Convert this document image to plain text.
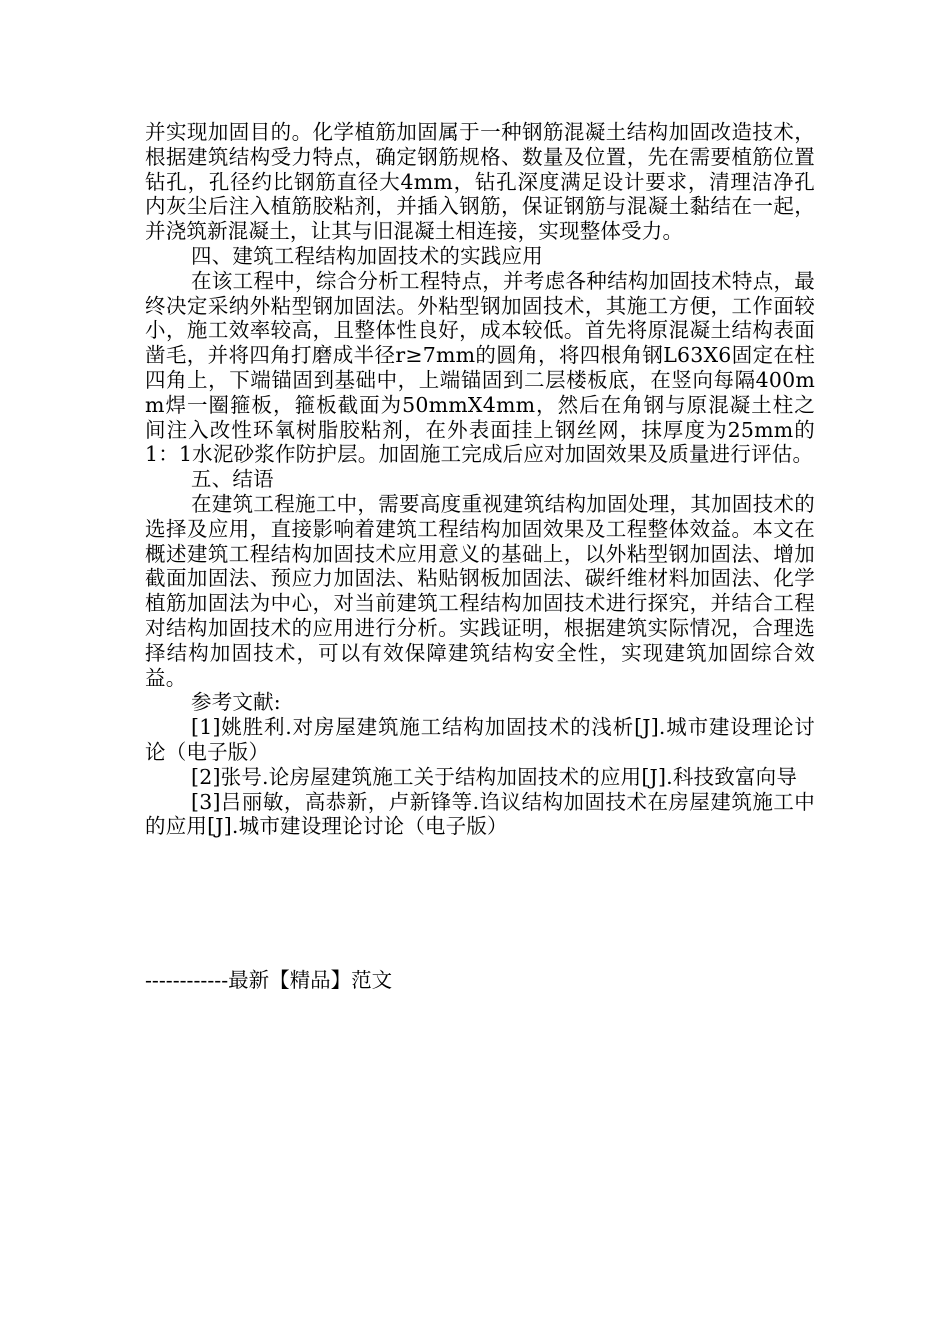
并实现加固目的。化学植筋加固属于一种钢筋混凝土结构加固改造技术，根据建筑结构受力特点，确定钢筋规格、数量及位置，先在需要植筋位置钻孔，孔径约比钢筋直径大4mm，钻孔深度满足设计要求，清理洁净孔内灰尘后注入植筋胶粘剂，并插入钢筋，保证钢筋与混凝土黏结在一起，并浇筑新混凝土，让其与旧混凝土相连接，实现整体受力。

四、建筑工程结构加固技术的实践应用

在该工程中，综合分析工程特点，并考虑各种结构加固技术特点，最终决定采纳外粘型钢加固法。外粘型钢加固技术，其施工方便，工作面较小，施工效率较高，且整体性良好，成本较低。首先将原混凝土结构表面凿毛，并将四角打磨成半径r≥7mm的圆角，将四根角钢L63X6固定在柱四角上，下端锚固到基础中，上端锚固到二层楼板底，在竖向每隔400mm焊一圈箍板，箍板截面为50mmX4mm，然后在角钢与原混凝土柱之间注入改性环氧树脂胶粘剂，在外表面挂上钢丝网，抹厚度为25mm的1：1水泥砂浆作防护层。加固施工完成后应对加固效果及质量进行评估。

五、结语

在建筑工程施工中，需要高度重视建筑结构加固处理，其加固技术的选择及应用，直接影响着建筑工程结构加固效果及工程整体效益。本文在概述建筑工程结构加固技术应用意义的基础上，以外粘型钢加固法、增加截面加固法、预应力加固法、粘贴钢板加固法、碳纤维材料加固法、化学植筋加固法为中心，对当前建筑工程结构加固技术进行探究，并结合工程对结构加固技术的应用进行分析。实践证明，根据建筑实际情况，合理选择结构加固技术，可以有效保障建筑结构安全性，实现建筑加固综合效益。

参考文献:

[1]姚胜利.对房屋建筑施工结构加固技术的浅析[J].城市建设理论讨论（电子版）

[2]张号.论房屋建筑施工关于结构加固技术的应用[J].科技致富向导

[3]吕丽敏，高恭新，卢新锋等.诌议结构加固技术在房屋建筑施工中的应用[J].城市建设理论讨论（电子版）

------------最新【精品】范文
